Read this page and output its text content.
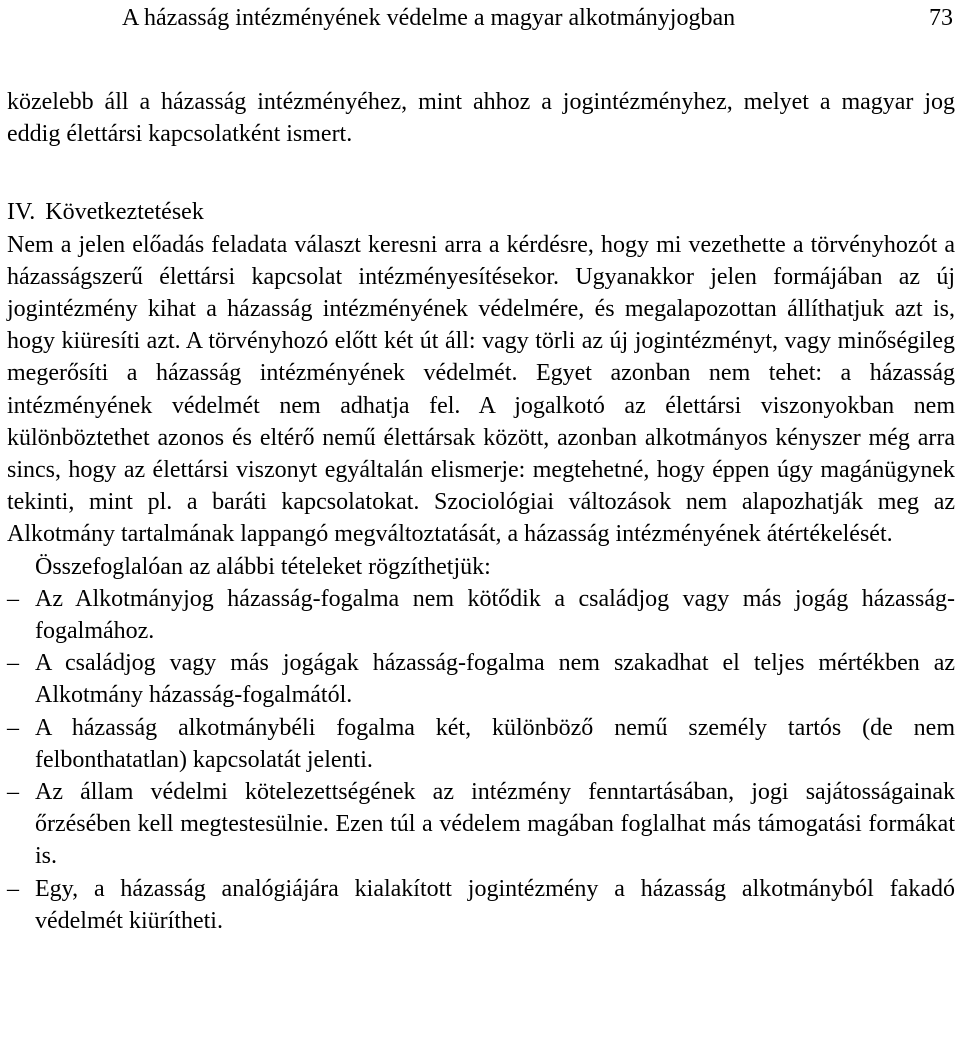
A házasság intézményének védelme a magyar alkotmányjogban	73

közelebb áll a házasság intézményéhez, mint ahhoz a jogintézményhez, melyet a magyar jog eddig élettársi kapcsolatként ismert.

IV. Következtetések

Nem a jelen előadás feladata választ keresni arra a kérdésre, hogy mi vezethette a törvényhozót a házasságszerű élettársi kapcsolat intézményesítésekor. Ugyanakkor jelen formájában az új jogintézmény kihat a házasság intézményének védelmére, és megalapozottan állíthatjuk azt is, hogy kiüresíti azt. A törvényhozó előtt két út áll: vagy törli az új jogintézményt, vagy minőségileg megerősíti a házasság intézményének védelmét. Egyet azonban nem tehet: a házasság intézményének védelmét nem adhatja fel. A jogalkotó az élettársi viszonyokban nem különböztethet azonos és eltérő nemű élettársak között, azonban alkotmányos kényszer még arra sincs, hogy az élettársi viszonyt egyáltalán elismerje: megtehetné, hogy éppen úgy magánügynek tekinti, mint pl. a baráti kapcsolatokat. Szociológiai változások nem alapozhatják meg az Alkotmány tartalmának lappangó megváltoztatását, a házasság intézményének átértékelését.

Összefoglalóan az alábbi tételeket rögzíthetjük:

– Az Alkotmányjog házasság-fogalma nem kötődik a családjog vagy más jogág házasság-fogalmához.
– A családjog vagy más jogágak házasság-fogalma nem szakadhat el teljes mértékben az Alkotmány házasság-fogalmától.
– A házasság alkotmánybéli fogalma két, különböző nemű személy tartós (de nem felbonthatatlan) kapcsolatát jelenti.
– Az állam védelmi kötelezettségének az intézmény fenntartásában, jogi sajátosságainak őrzésében kell megtestesülnie. Ezen túl a védelem magában foglalhat más támogatási formákat is.
– Egy, a házasság analógiájára kialakított jogintézmény a házasság alkotmányból fakadó védelmét kiürítheti.
